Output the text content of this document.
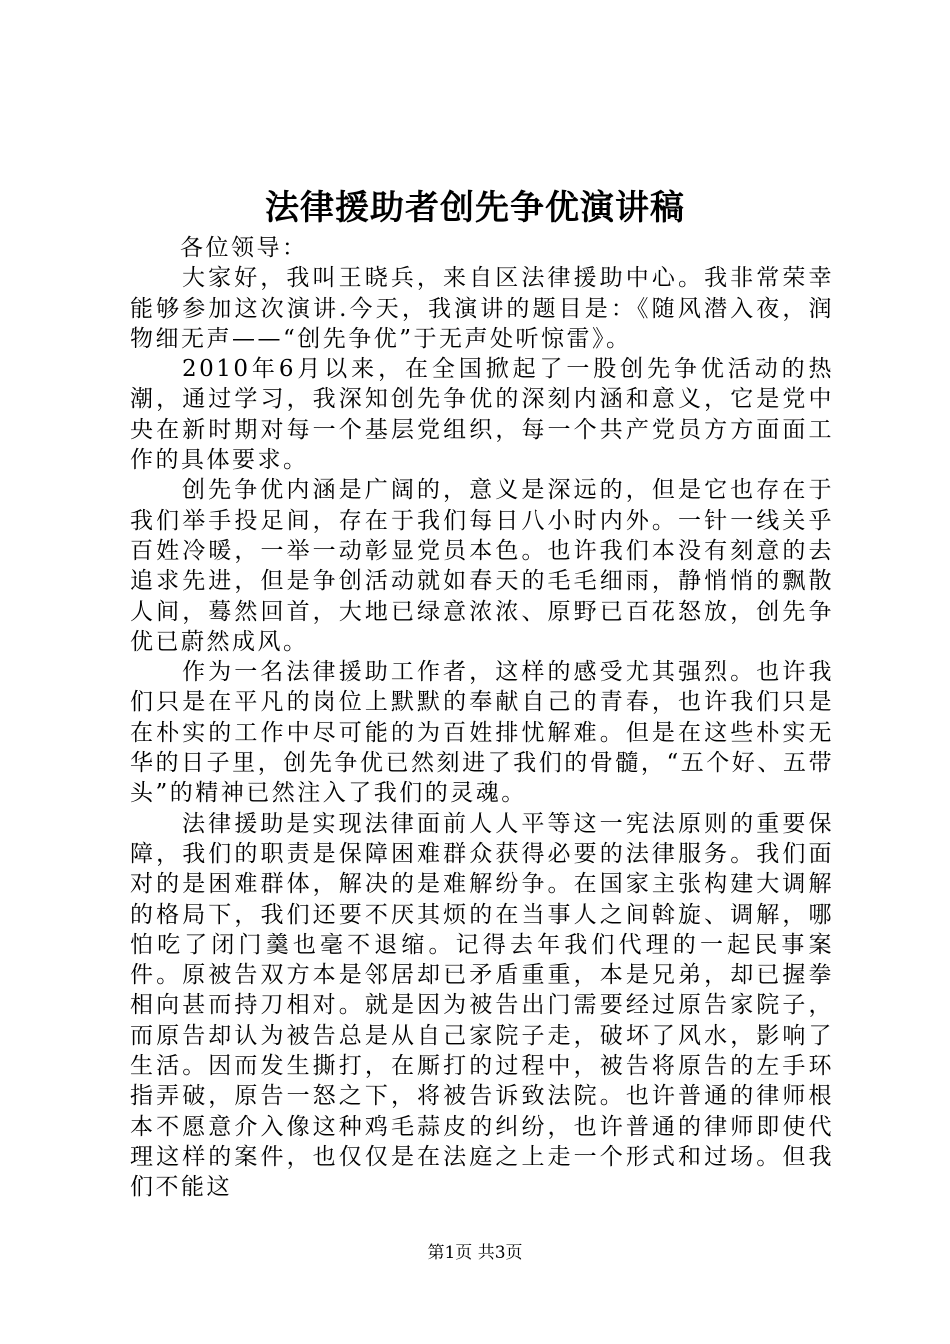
法律援助者创先争优演讲稿

各位领导：

大家好，我叫王晓兵，来自区法律援助中心。我非常荣幸能够参加这次演讲.今天，我演讲的题目是：《随风潜入夜，润物细无声——“创先争优”于无声处听惊雷》。

2010年6月以来，在全国掀起了一股创先争优活动的热潮，通过学习，我深知创先争优的深刻内涵和意义，它是党中央在新时期对每一个基层党组织，每一个共产党员方方面面工作的具体要求。

创先争优内涵是广阔的，意义是深远的，但是它也存在于我们举手投足间，存在于我们每日八小时内外。一针一线关乎百姓冷暖，一举一动彰显党员本色。也许我们本没有刻意的去追求先进，但是争创活动就如春天的毛毛细雨，静悄悄的飘散人间，蓦然回首，大地已绿意浓浓、原野已百花怒放，创先争优已蔚然成风。

作为一名法律援助工作者，这样的感受尤其强烈。也许我们只是在平凡的岗位上默默的奉献自己的青春，也许我们只是在朴实的工作中尽可能的为百姓排忧解难。但是在这些朴实无华的日子里，创先争优已然刻进了我们的骨髓，“五个好、五带头”的精神已然注入了我们的灵魂。

法律援助是实现法律面前人人平等这一宪法原则的重要保障，我们的职责是保障困难群众获得必要的法律服务。我们面对的是困难群体，解决的是难解纷争。在国家主张构建大调解的格局下，我们还要不厌其烦的在当事人之间斡旋、调解，哪怕吃了闭门羹也毫不退缩。记得去年我们代理的一起民事案件。原被告双方本是邻居却已矛盾重重，本是兄弟，却已握拳相向甚而持刀相对。就是因为被告出门需要经过原告家院子，而原告却认为被告总是从自己家院子走，破坏了风水，影响了生活。因而发生撕打，在厮打的过程中，被告将原告的左手环指弄破，原告一怒之下，将被告诉致法院。也许普通的律师根本不愿意介入像这种鸡毛蒜皮的纠纷，也许普通的律师即使代理这样的案件，也仅仅是在法庭之上走一个形式和过场。但我们不能这

第1页 共3页
